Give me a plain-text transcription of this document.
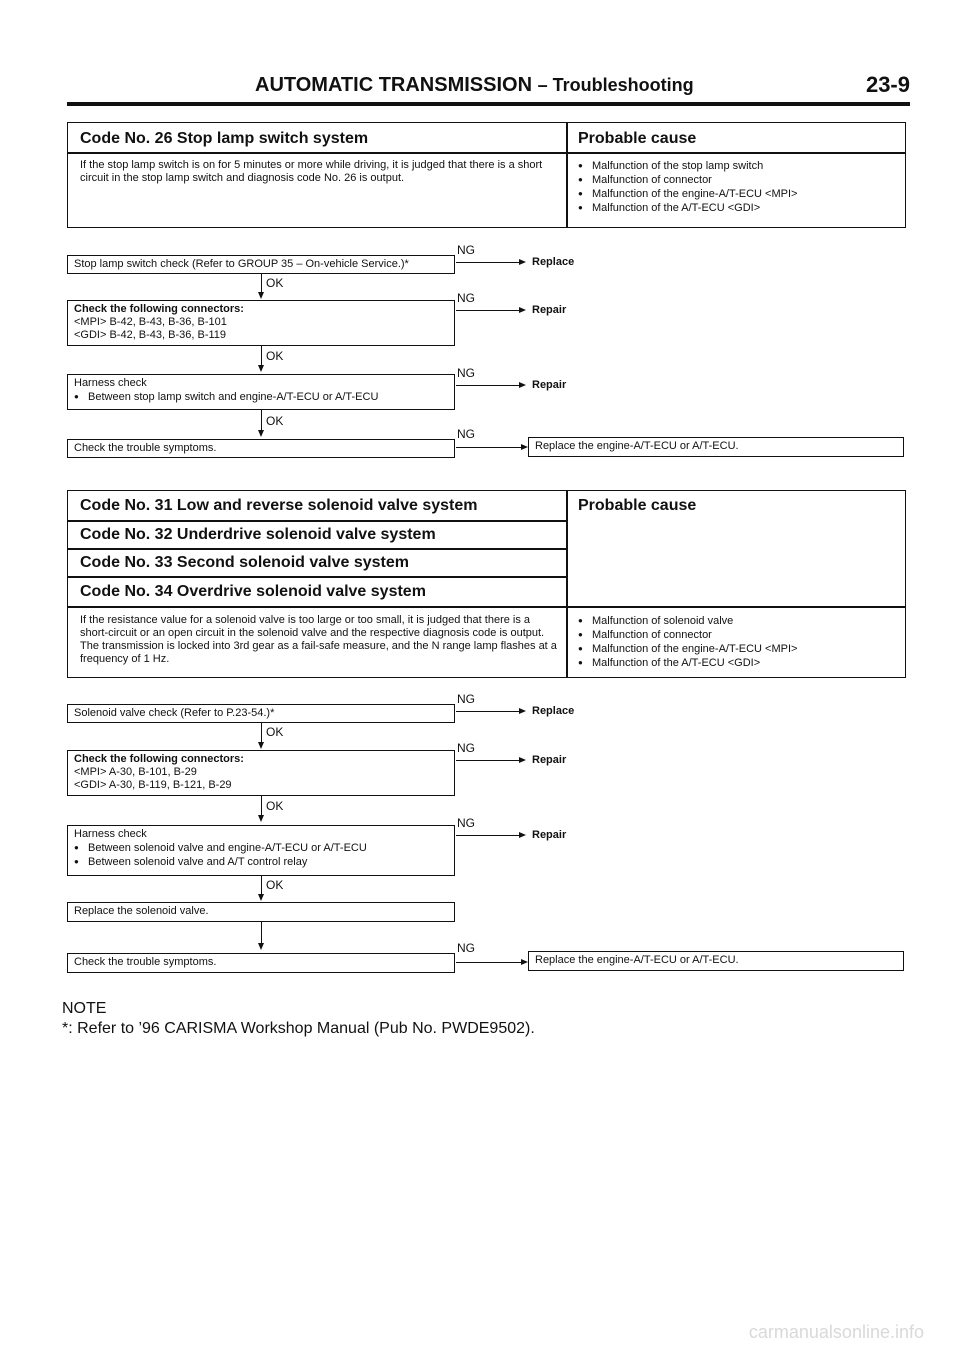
AUTOMATIC TRANSMISSION – Troubleshooting	23-9
Code No. 26 Stop lamp switch system	Probable cause
If the stop lamp switch is on for 5 minutes or more while driving, it is judged that there is a short circuit in the stop lamp switch and diagnosis code No. 26 is output.
● Malfunction of the stop lamp switch
● Malfunction of connector
● Malfunction of the engine-A/T-ECU <MPI>
● Malfunction of the A/T-ECU <GDI>
Stop lamp switch check (Refer to GROUP 35 – On-vehicle Service.)*
NG
Replace
OK
Check the following connectors:
<MPI> B-42, B-43, B-36, B-101
<GDI> B-42, B-43, B-36, B-119
NG
Repair
OK
Harness check
● Between stop lamp switch and engine-A/T-ECU or A/T-ECU
NG
Repair
OK
Check the trouble symptoms.
NG
Replace the engine-A/T-ECU or A/T-ECU.
Code No. 31 Low and reverse solenoid valve system
Code No. 32 Underdrive solenoid valve system
Code No. 33 Second solenoid valve system
Code No. 34 Overdrive solenoid valve system
Probable cause
If the resistance value for a solenoid valve is too large or too small, it is judged that there is a short-circuit or an open circuit in the solenoid valve and the respective diagnosis code is output. The transmission is locked into 3rd gear as a fail-safe measure, and the N range lamp flashes at a frequency of 1 Hz.
● Malfunction of solenoid valve
● Malfunction of connector
● Malfunction of the engine-A/T-ECU <MPI>
● Malfunction of the A/T-ECU <GDI>
Solenoid valve check (Refer to P.23-54.)*
NG
Replace
OK
Check the following connectors:
<MPI> A-30, B-101, B-29
<GDI> A-30, B-119, B-121, B-29
NG
Repair
OK
Harness check
● Between solenoid valve and engine-A/T-ECU or A/T-ECU
● Between solenoid valve and A/T control relay
NG
Repair
OK
Replace the solenoid valve.
Check the trouble symptoms.
NG
Replace the engine-A/T-ECU or A/T-ECU.
NOTE
*: Refer to ’96 CARISMA Workshop Manual (Pub No. PWDE9502).
carmanualsonline.info
